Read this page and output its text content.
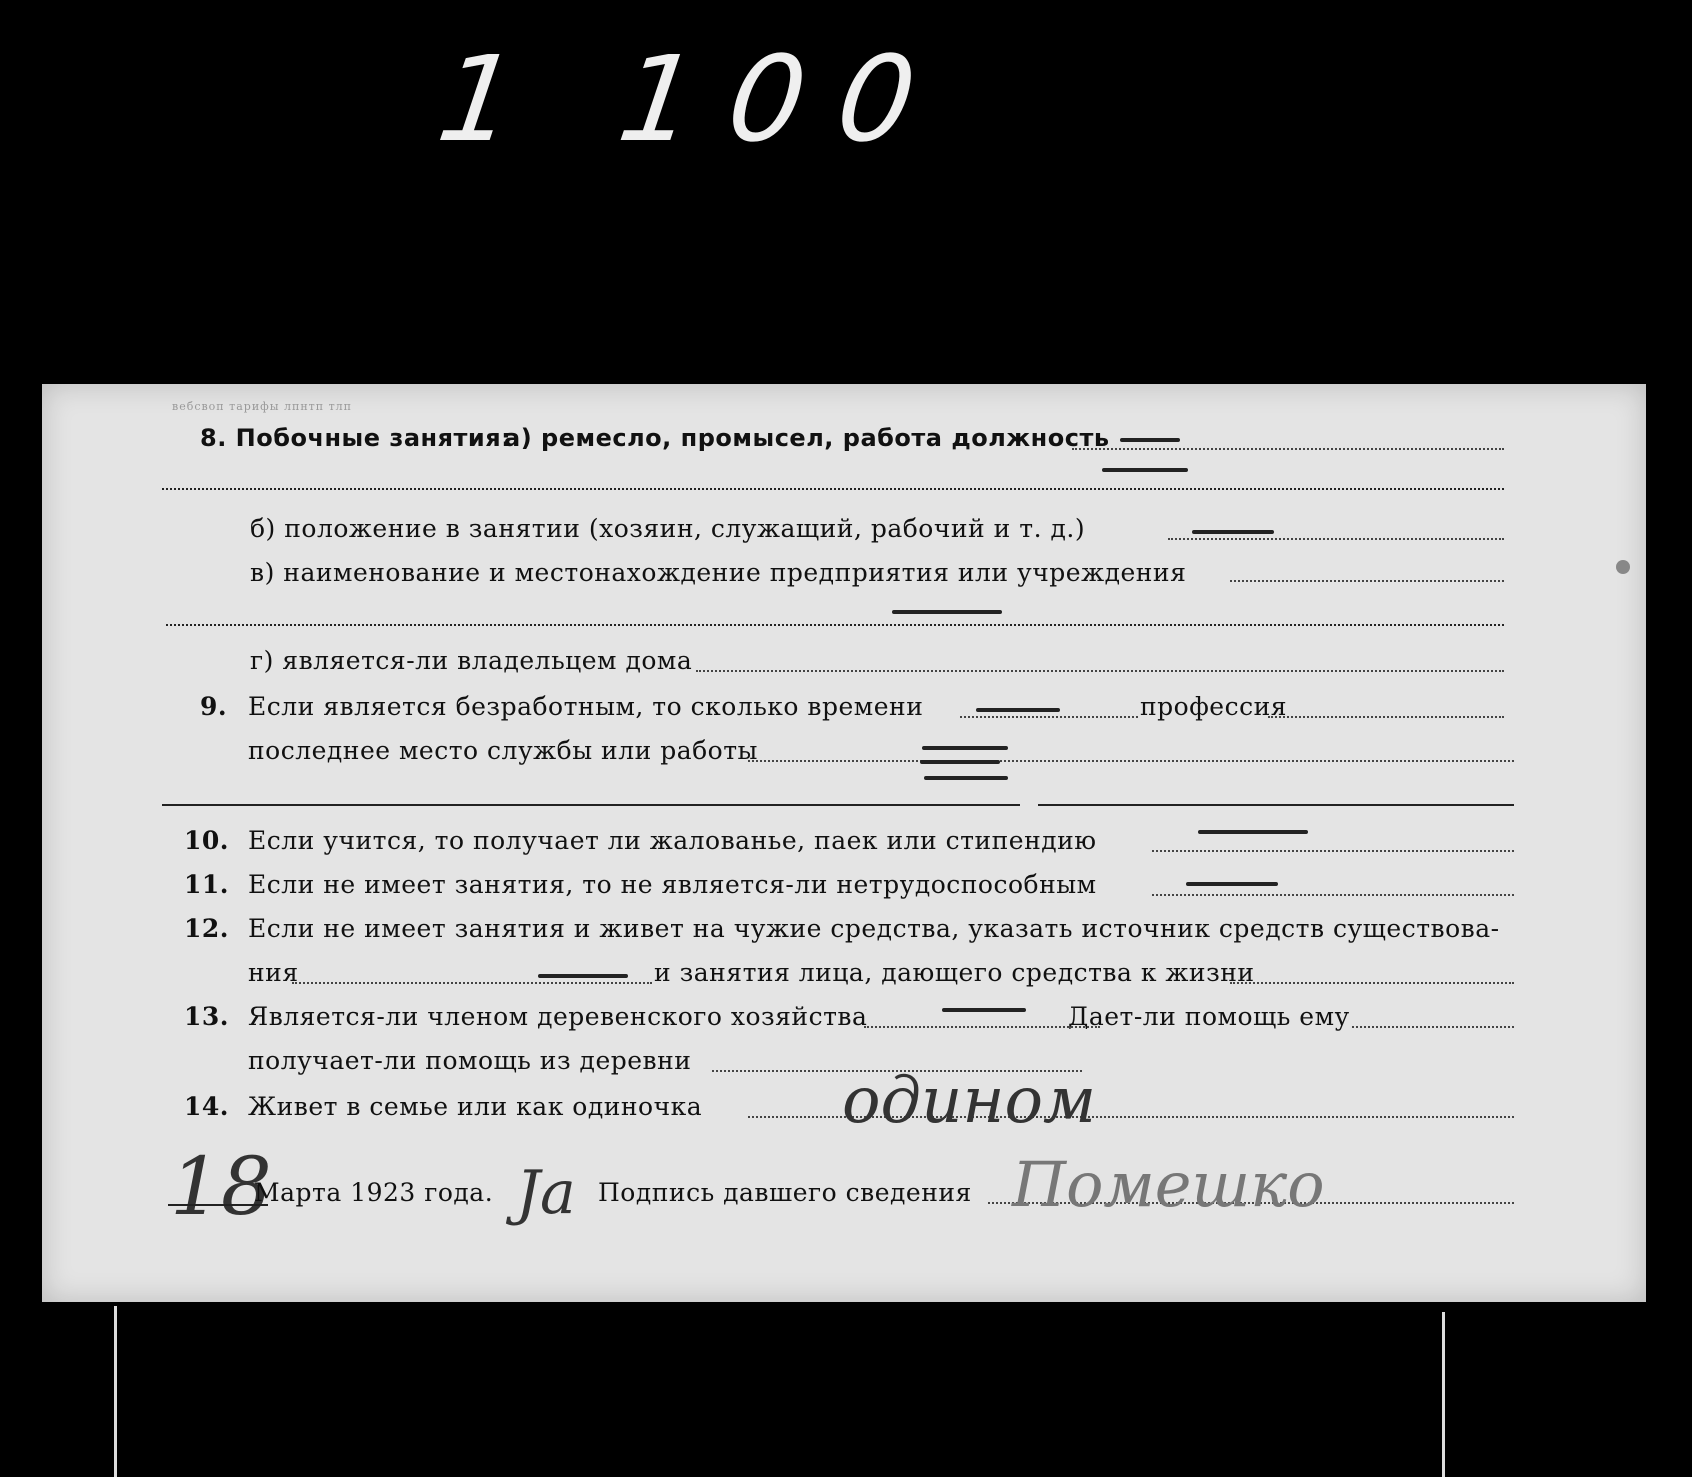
1 100
вебсвоп тарифы лпнтп тлп
8. Побочные занятия:
а) ремесло, промысел, работа должность
б) положение в занятии (хозяин, служащий, рабочий и т. д.)
в) наименование и местонахождение предприятия или учреждения
г) является-ли владельцем дома
9. Если является безработным, то сколько времени	профессия
последнее место службы или работы
10. Если учится, то получает ли жалованье, паек или стипендию
11. Если не имеет занятия, то не является-ли нетрудоспособным
12. Если не имеет занятия и живет на чужие средства, указать источник средств существова-
ния	и занятия лица, дающего средства к жизни
13. Является-ли членом деревенского хозяйства	Дает-ли помощь ему
получает-ли помощь из деревни
14. Живет в семье или как одиночка одином
18
Марта 1923 года. Ja Подпись давшего сведения Помешко
